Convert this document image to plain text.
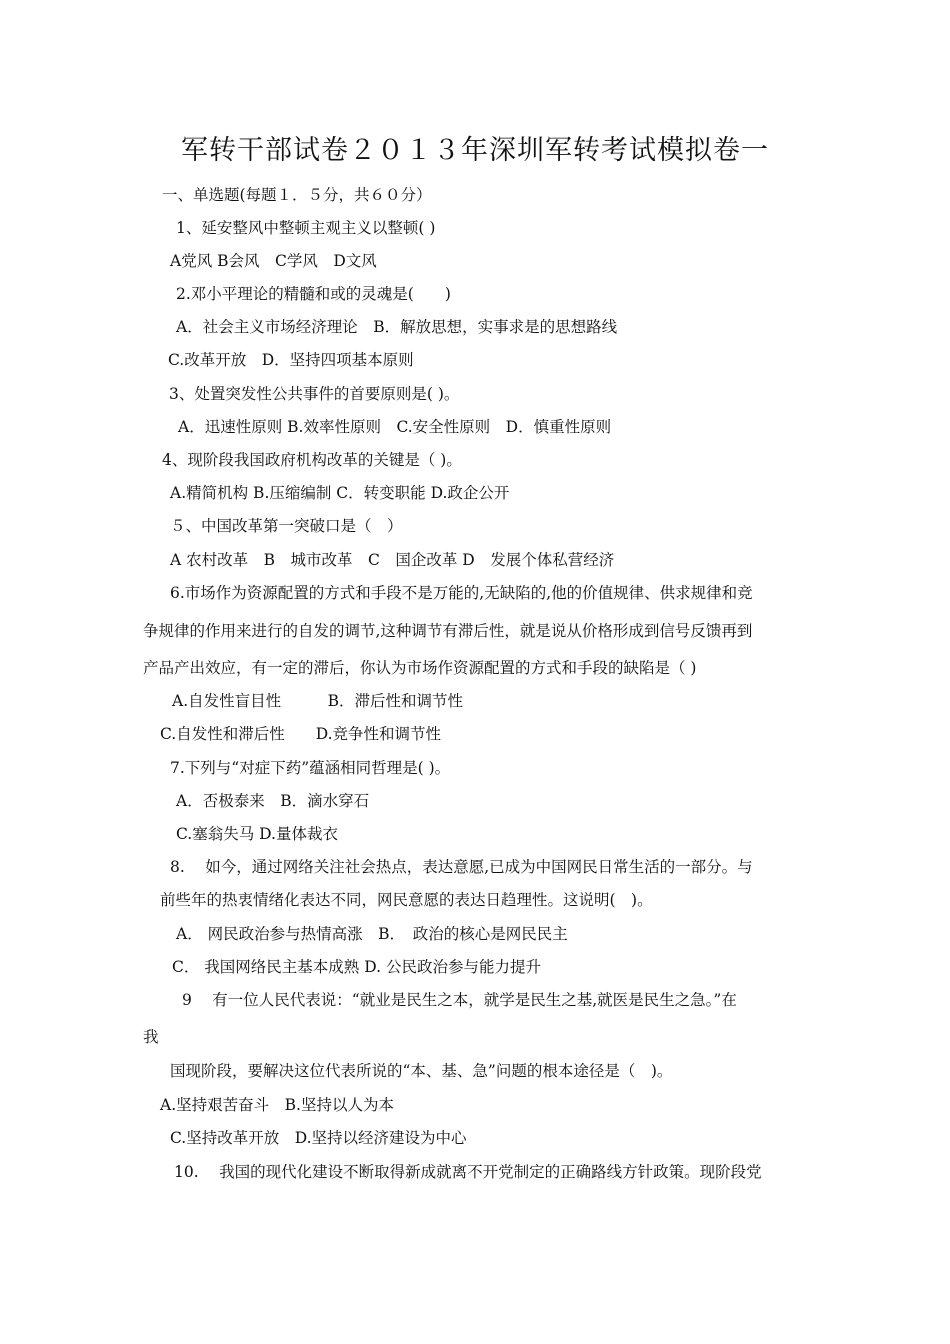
军转干部试卷２０１３年深圳军转考试模拟卷一
一、单选题(每题１．５分，共６０分）
1、延安整风中整顿主观主义以整顿( )
A党风 B会风　C学风　D文风
2.邓小平理论的精髓和或的灵魂是(　　)
A．社会主义市场经济理论　B．解放思想，实事求是的思想路线
C.改革开放　D．坚持四项基本原则
3、处置突发性公共事件的首要原则是( )。
A．迅速性原则 B.效率性原则　C.安全性原则　D．慎重性原则
4、现阶段我国政府机构改革的关键是（ )。
A.精简机构 B.压缩编制 C．转变职能 D.政企公开
５、中国改革第一突破口是（　）
A 农村改革　B　城市改革　C　国企改革 D　发展个体私营经济
6.市场作为资源配置的方式和手段不是万能的,无缺陷的,他的价值规律、供求规律和竞
争规律的作用来进行的自发的调节,这种调节有滞后性，就是说从价格形成到信号反馈再到
产品产出效应，有一定的滞后，你认为市场作资源配置的方式和手段的缺陷是（ )
A.自发性盲目性　　　B．滞后性和调节性
C.自发性和滞后性　　D.竞争性和调节性
7.下列与“对症下药”蕴涵相同哲理是( )。
A．否极泰来　B．滴水穿石
C.塞翁失马 D.量体裁衣
8.　 如今，通过网络关注社会热点，表达意愿,已成为中国网民日常生活的一部分。与
前些年的热衷情绪化表达不同，网民意愿的表达日趋理性。这说明(　)。
A． 网民政治参与热情高涨　B．　政治的核心是网民民主
C． 我国网络民主基本成熟 D. 公民政治参与能力提升
9　 有一位人民代表说：“就业是民生之本，就学是民生之基,就医是民生之急。”在
我
国现阶段，要解决这位代表所说的“本、基、急”问题的根本途径是（　)。
A.坚持艰苦奋斗　B.坚持以人为本
C.坚持改革开放　D.坚持以经济建设为中心
10.　 我国的现代化建设不断取得新成就离不开党制定的正确路线方针政策。现阶段党
